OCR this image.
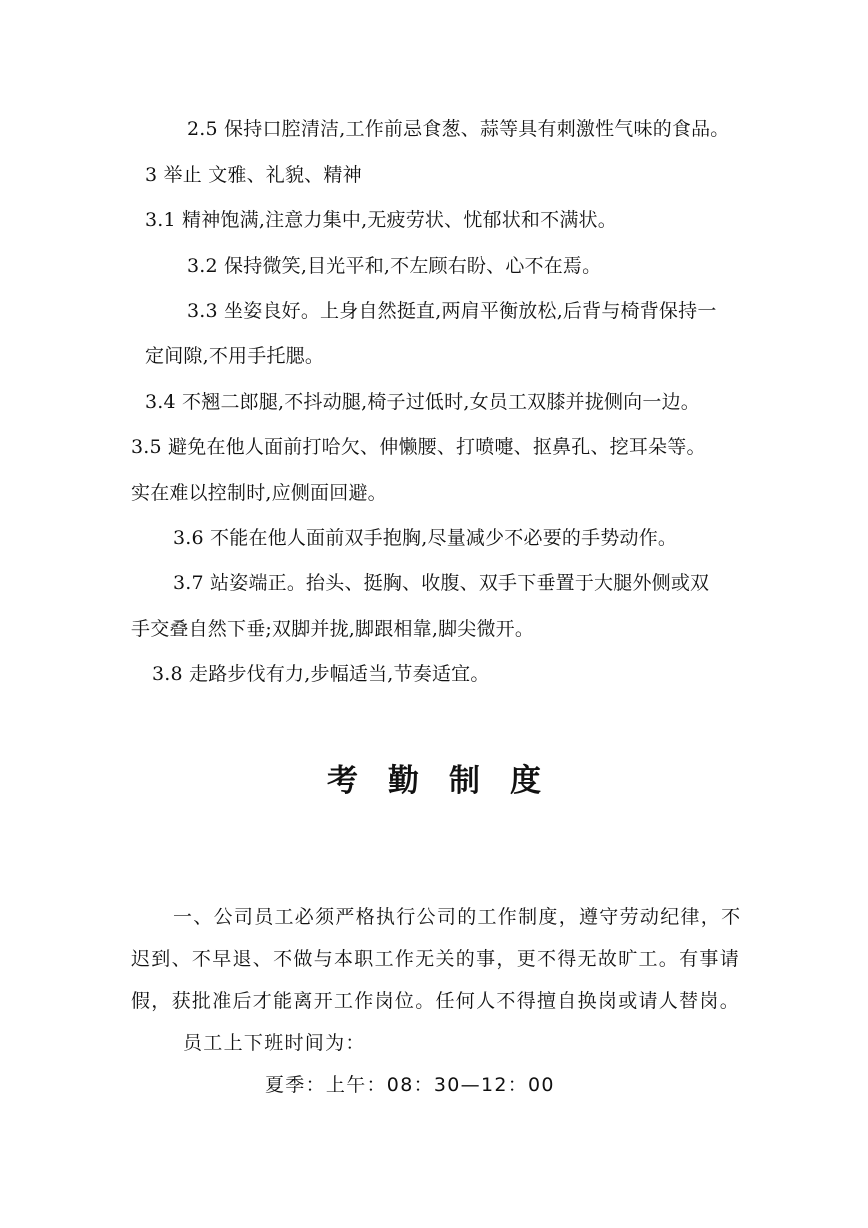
2.5 保持口腔清洁,工作前忌食葱、蒜等具有刺激性气味的食品。
3 举止 文雅、礼貌、精神
3.1 精神饱满,注意力集中,无疲劳状、忧郁状和不满状。
3.2 保持微笑,目光平和,不左顾右盼、心不在焉。
3.3 坐姿良好。上身自然挺直,两肩平衡放松,后背与椅背保持一
定间隙,不用手托腮。
3.4 不翘二郎腿,不抖动腿,椅子过低时,女员工双膝并拢侧向一边。
3.5 避免在他人面前打哈欠、伸懒腰、打喷嚏、抠鼻孔、挖耳朵等。
实在难以控制时,应侧面回避。
3.6 不能在他人面前双手抱胸,尽量减少不必要的手势动作。
3.7 站姿端正。抬头、挺胸、收腹、双手下垂置于大腿外侧或双
手交叠自然下垂;双脚并拢,脚跟相靠,脚尖微开。
3.8 走路步伐有力,步幅适当,节奏适宜。
考勤制度
一、公司员工必须严格执行公司的工作制度，遵守劳动纪律，不
迟到、不早退、不做与本职工作无关的事，更不得无故旷工。有事请
假，获批准后才能离开工作岗位。任何人不得擅自换岗或请人替岗。
员工上下班时间为：
夏季：上午：08：30—12：00
